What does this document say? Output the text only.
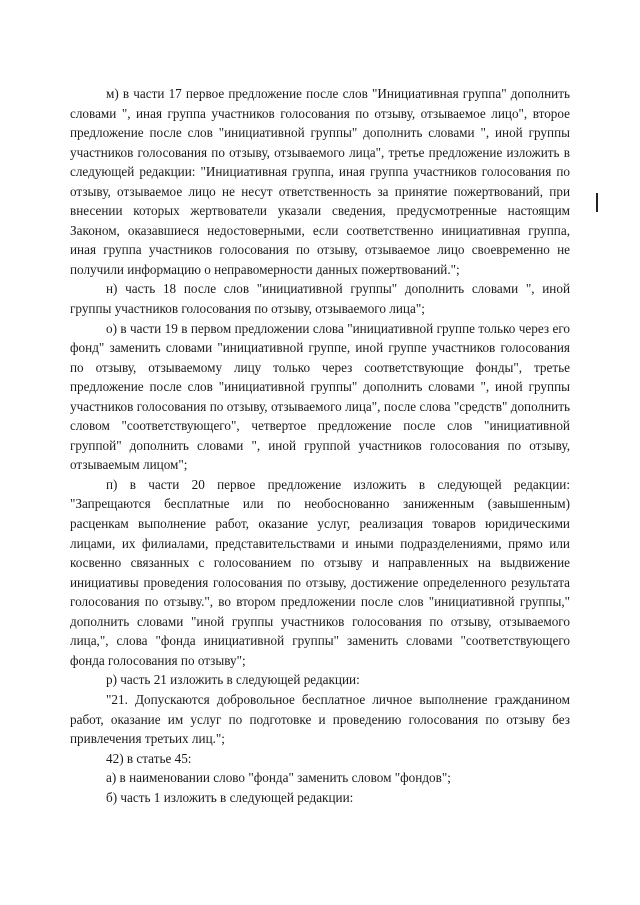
м) в части 17 первое предложение после слов "Инициативная группа" дополнить словами ", иная группа участников голосования по отзыву, отзываемое лицо", второе предложение после слов "инициативной группы" дополнить словами ", иной группы участников голосования по отзыву, отзываемого лица", третье предложение изложить в следующей редакции: "Инициативная группа, иная группа участников голосования по отзыву, отзываемое лицо не несут ответственность за принятие пожертвований, при внесении которых жертвователи указали сведения, предусмотренные настоящим Законом, оказавшиеся недостоверными, если соответственно инициативная группа, иная группа участников голосования по отзыву, отзываемое лицо своевременно не получили информацию о неправомерности данных пожертвований.";

н) часть 18 после слов "инициативной группы" дополнить словами ", иной группы участников голосования по отзыву, отзываемого лица";

о) в части 19 в первом предложении слова "инициативной группе только через его фонд" заменить словами "инициативной группе, иной группе участников голосования по отзыву, отзываемому лицу только через соответствующие фонды", третье предложение после слов "инициативной группы" дополнить словами ", иной группы участников голосования по отзыву, отзываемого лица", после слова "средств" дополнить словом "соответствующего", четвертое предложение после слов "инициативной группой" дополнить словами ", иной группой участников голосования по отзыву, отзываемым лицом";

п) в части 20 первое предложение изложить в следующей редакции: "Запрещаются бесплатные или по необоснованно заниженным (завышенным) расценкам выполнение работ, оказание услуг, реализация товаров юридическими лицами, их филиалами, представительствами и иными подразделениями, прямо или косвенно связанных с голосованием по отзыву и направленных на выдвижение инициативы проведения голосования по отзыву, достижение определенного результата голосования по отзыву.", во втором предложении после слов "инициативной группы," дополнить словами "иной группы участников голосования по отзыву, отзываемого лица,", слова "фонда инициативной группы" заменить словами "соответствующего фонда голосования по отзыву";

р) часть 21 изложить в следующей редакции:

"21. Допускаются добровольное бесплатное личное выполнение гражданином работ, оказание им услуг по подготовке и проведению голосования по отзыву без привлечения третьих лиц.";

42) в статье 45:

а) в наименовании слово "фонда" заменить словом "фондов";

б) часть 1 изложить в следующей редакции:
